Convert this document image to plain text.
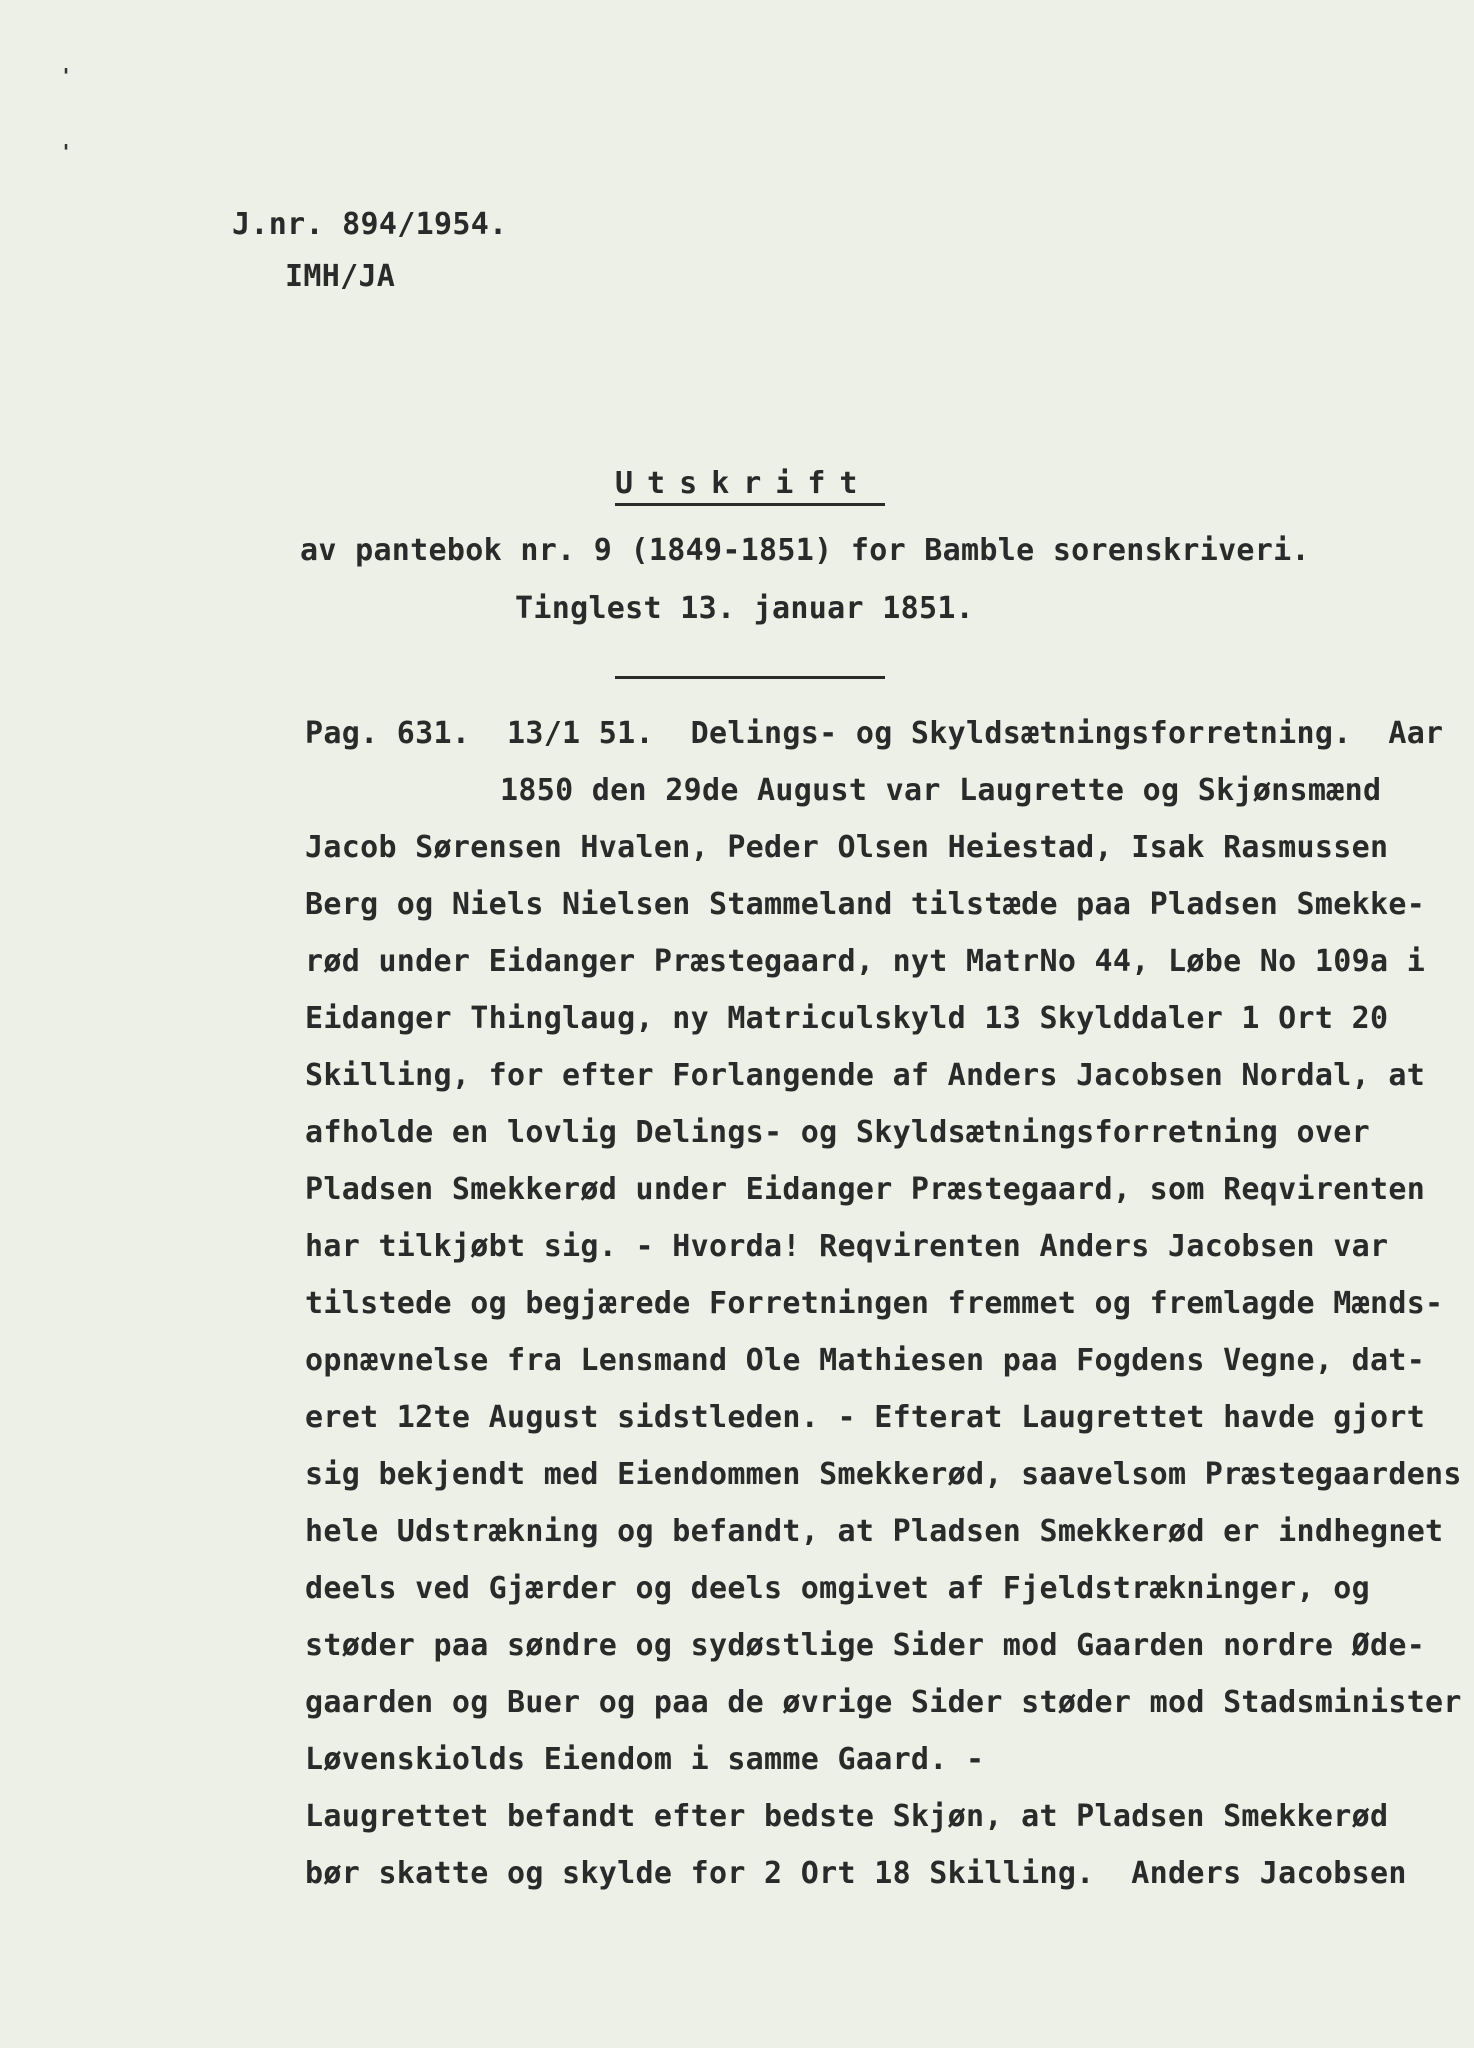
'
'
J.nr. 894/1954.
IMH/JA
Utskrift
av pantebok nr. 9 (1849-1851) for Bamble sorenskriveri.
Tinglest 13. januar 1851.
Pag. 631.  13/1 51.  Delings- og Skyldsætningsforretning.  Aar
1850 den 29de August var Laugrette og Skjønsmænd
Jacob Sørensen Hvalen, Peder Olsen Heiestad, Isak Rasmussen
Berg og Niels Nielsen Stammeland tilstæde paa Pladsen Smekke-
rød under Eidanger Præstegaard, nyt MatrNo 44, Løbe No 109a i
Eidanger Thinglaug, ny Matriculskyld 13 Skylddaler 1 Ort 20
Skilling, for efter Forlangende af Anders Jacobsen Nordal, at
afholde en lovlig Delings- og Skyldsætningsforretning over
Pladsen Smekkerød under Eidanger Præstegaard, som Reqvirenten
har tilkjøbt sig. - Hvorda! Reqvirenten Anders Jacobsen var
tilstede og begjærede Forretningen fremmet og fremlagde Mænds-
opnævnelse fra Lensmand Ole Mathiesen paa Fogdens Vegne, dat-
eret 12te August sidstleden. - Efterat Laugrettet havde gjort
sig bekjendt med Eiendommen Smekkerød, saavelsom Præstegaardens
hele Udstrækning og befandt, at Pladsen Smekkerød er indhegnet
deels ved Gjærder og deels omgivet af Fjeldstrækninger, og
støder paa søndre og sydøstlige Sider mod Gaarden nordre Øde-
gaarden og Buer og paa de øvrige Sider støder mod Stadsminister
Løvenskiolds Eiendom i samme Gaard. -
Laugrettet befandt efter bedste Skjøn, at Pladsen Smekkerød
bør skatte og skylde for 2 Ort 18 Skilling.  Anders Jacobsen
